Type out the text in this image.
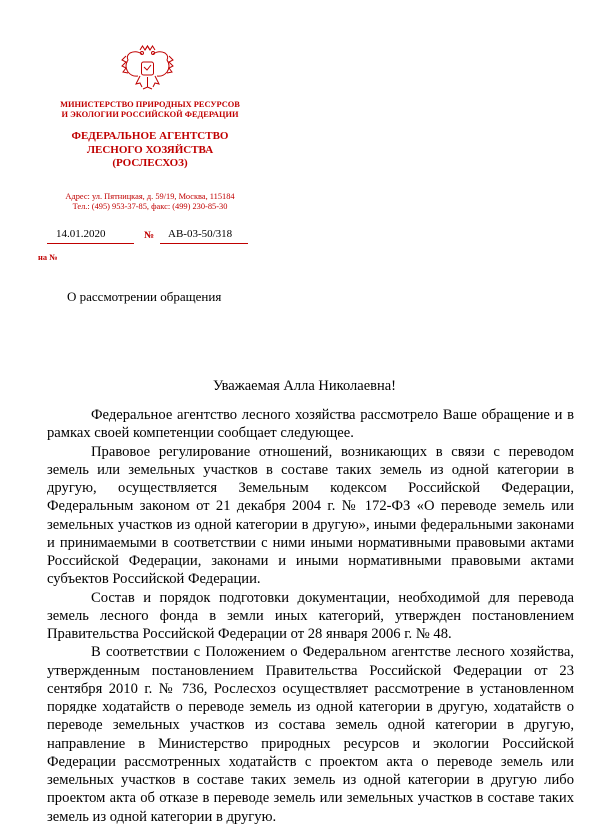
МИНИСТЕРСТВО ПРИРОДНЫХ РЕСУРСОВ
И ЭКОЛОГИИ РОССИЙСКОЙ ФЕДЕРАЦИИ
ФЕДЕРАЛЬНОЕ АГЕНТСТВО
ЛЕСНОГО ХОЗЯЙСТВА
(РОСЛЕСХОЗ)
Адрес: ул. Пятницкая, д. 59/19, Москва, 115184
Тел.: (495) 953-37-85, факс: (499) 230-85-30
14.01.2020	№ АВ-03-50/318
на №
О рассмотрении обращения
Уважаемая Алла Николаевна!

Федеральное агентство лесного хозяйства рассмотрело Ваше обращение и в рамках своей компетенции сообщает следующее.

Правовое регулирование отношений, возникающих в связи с переводом земель или земельных участков в составе таких земель из одной категории в другую, осуществляется Земельным кодексом Российской Федерации, Федеральным законом от 21 декабря 2004 г. № 172-ФЗ «О переводе земель или земельных участков из одной категории в другую», иными федеральными законами и принимаемыми в соответствии с ними иными нормативными правовыми актами Российской Федерации, законами и иными нормативными правовыми актами субъектов Российской Федерации.

Состав и порядок подготовки документации, необходимой для перевода земель лесного фонда в земли иных категорий, утвержден постановлением Правительства Российской Федерации от 28 января 2006 г. № 48.

В соответствии с Положением о Федеральном агентстве лесного хозяйства, утвержденным постановлением Правительства Российской Федерации от 23 сентября 2010 г. № 736, Рослесхоз осуществляет рассмотрение в установленном порядке ходатайств о переводе земель из одной категории в другую, ходатайств о переводе земельных участков из состава земель одной категории в другую, направление в Министерство природных ресурсов и экологии Российской Федерации рассмотренных ходатайств с проектом акта о переводе земель или земельных участков в составе таких земель из одной категории в другую либо проектом акта об отказе в переводе земель или земельных участков в составе таких земель из одной категории в другую.
